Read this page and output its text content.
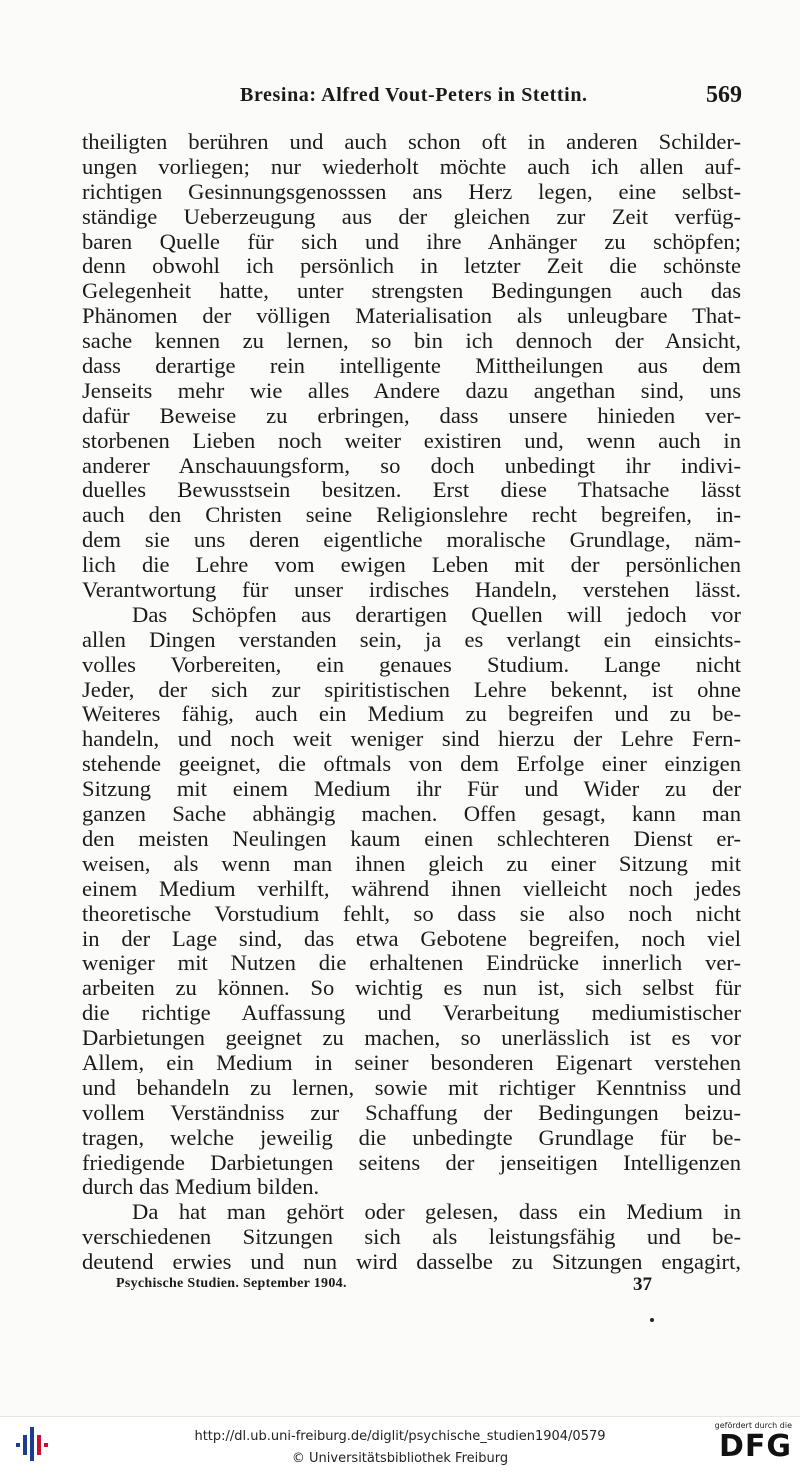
Bresina: Alfred Vout-Peters in Stettin.	569
theiligten berühren und auch schon oft in anderen Schilder-
ungen vorliegen; nur wiederholt möchte auch ich allen auf-
richtigen Gesinnungsgenosssen ans Herz legen, eine selbst-
ständige Ueberzeugung aus der gleichen zur Zeit verfüg-
baren Quelle für sich und ihre Anhänger zu schöpfen;
denn obwohl ich persönlich in letzter Zeit die schönste
Gelegenheit hatte, unter strengsten Bedingungen auch das
Phänomen der völligen Materialisation als unleugbare That-
sache kennen zu lernen, so bin ich dennoch der Ansicht,
dass derartige rein intelligente Mittheilungen aus dem
Jenseits mehr wie alles Andere dazu angethan sind, uns
dafür Beweise zu erbringen, dass unsere hinieden ver-
storbenen Lieben noch weiter existiren und, wenn auch in
anderer Anschauungsform, so doch unbedingt ihr indivi-
duelles Bewusstsein besitzen. Erst diese Thatsache lässt
auch den Christen seine Religionslehre recht begreifen, in-
dem sie uns deren eigentliche moralische Grundlage, näm-
lich die Lehre vom ewigen Leben mit der persönlichen
Verantwortung für unser irdisches Handeln, verstehen lässt.
Das Schöpfen aus derartigen Quellen will jedoch vor
allen Dingen verstanden sein, ja es verlangt ein einsichts-
volles Vorbereiten, ein genaues Studium. Lange nicht
Jeder, der sich zur spiritistischen Lehre bekennt, ist ohne
Weiteres fähig, auch ein Medium zu begreifen und zu be-
handeln, und noch weit weniger sind hierzu der Lehre Fern-
stehende geeignet, die oftmals von dem Erfolge einer einzigen
Sitzung mit einem Medium ihr Für und Wider zu der
ganzen Sache abhängig machen. Offen gesagt, kann man
den meisten Neulingen kaum einen schlechteren Dienst er-
weisen, als wenn man ihnen gleich zu einer Sitzung mit
einem Medium verhilft, während ihnen vielleicht noch jedes
theoretische Vorstudium fehlt, so dass sie also noch nicht
in der Lage sind, das etwa Gebotene begreifen, noch viel
weniger mit Nutzen die erhaltenen Eindrücke innerlich ver-
arbeiten zu können. So wichtig es nun ist, sich selbst für
die richtige Auffassung und Verarbeitung mediumistischer
Darbietungen geeignet zu machen, so unerlässlich ist es vor
Allem, ein Medium in seiner besonderen Eigenart verstehen
und behandeln zu lernen, sowie mit richtiger Kenntniss und
vollem Verständniss zur Schaffung der Bedingungen beizu-
tragen, welche jeweilig die unbedingte Grundlage für be-
friedigende Darbietungen seitens der jenseitigen Intelligenzen
durch das Medium bilden.
Da hat man gehört oder gelesen, dass ein Medium in
verschiedenen Sitzungen sich als leistungsfähig und be-
deutend erwies und nun wird dasselbe zu Sitzungen engagirt,
Psychische Studien. September 1904.	37
http://dl.ub.uni-freiburg.de/diglit/psychische_studien1904/0579
© Universitätsbibliothek Freiburg
gefördert durch die
DFG
